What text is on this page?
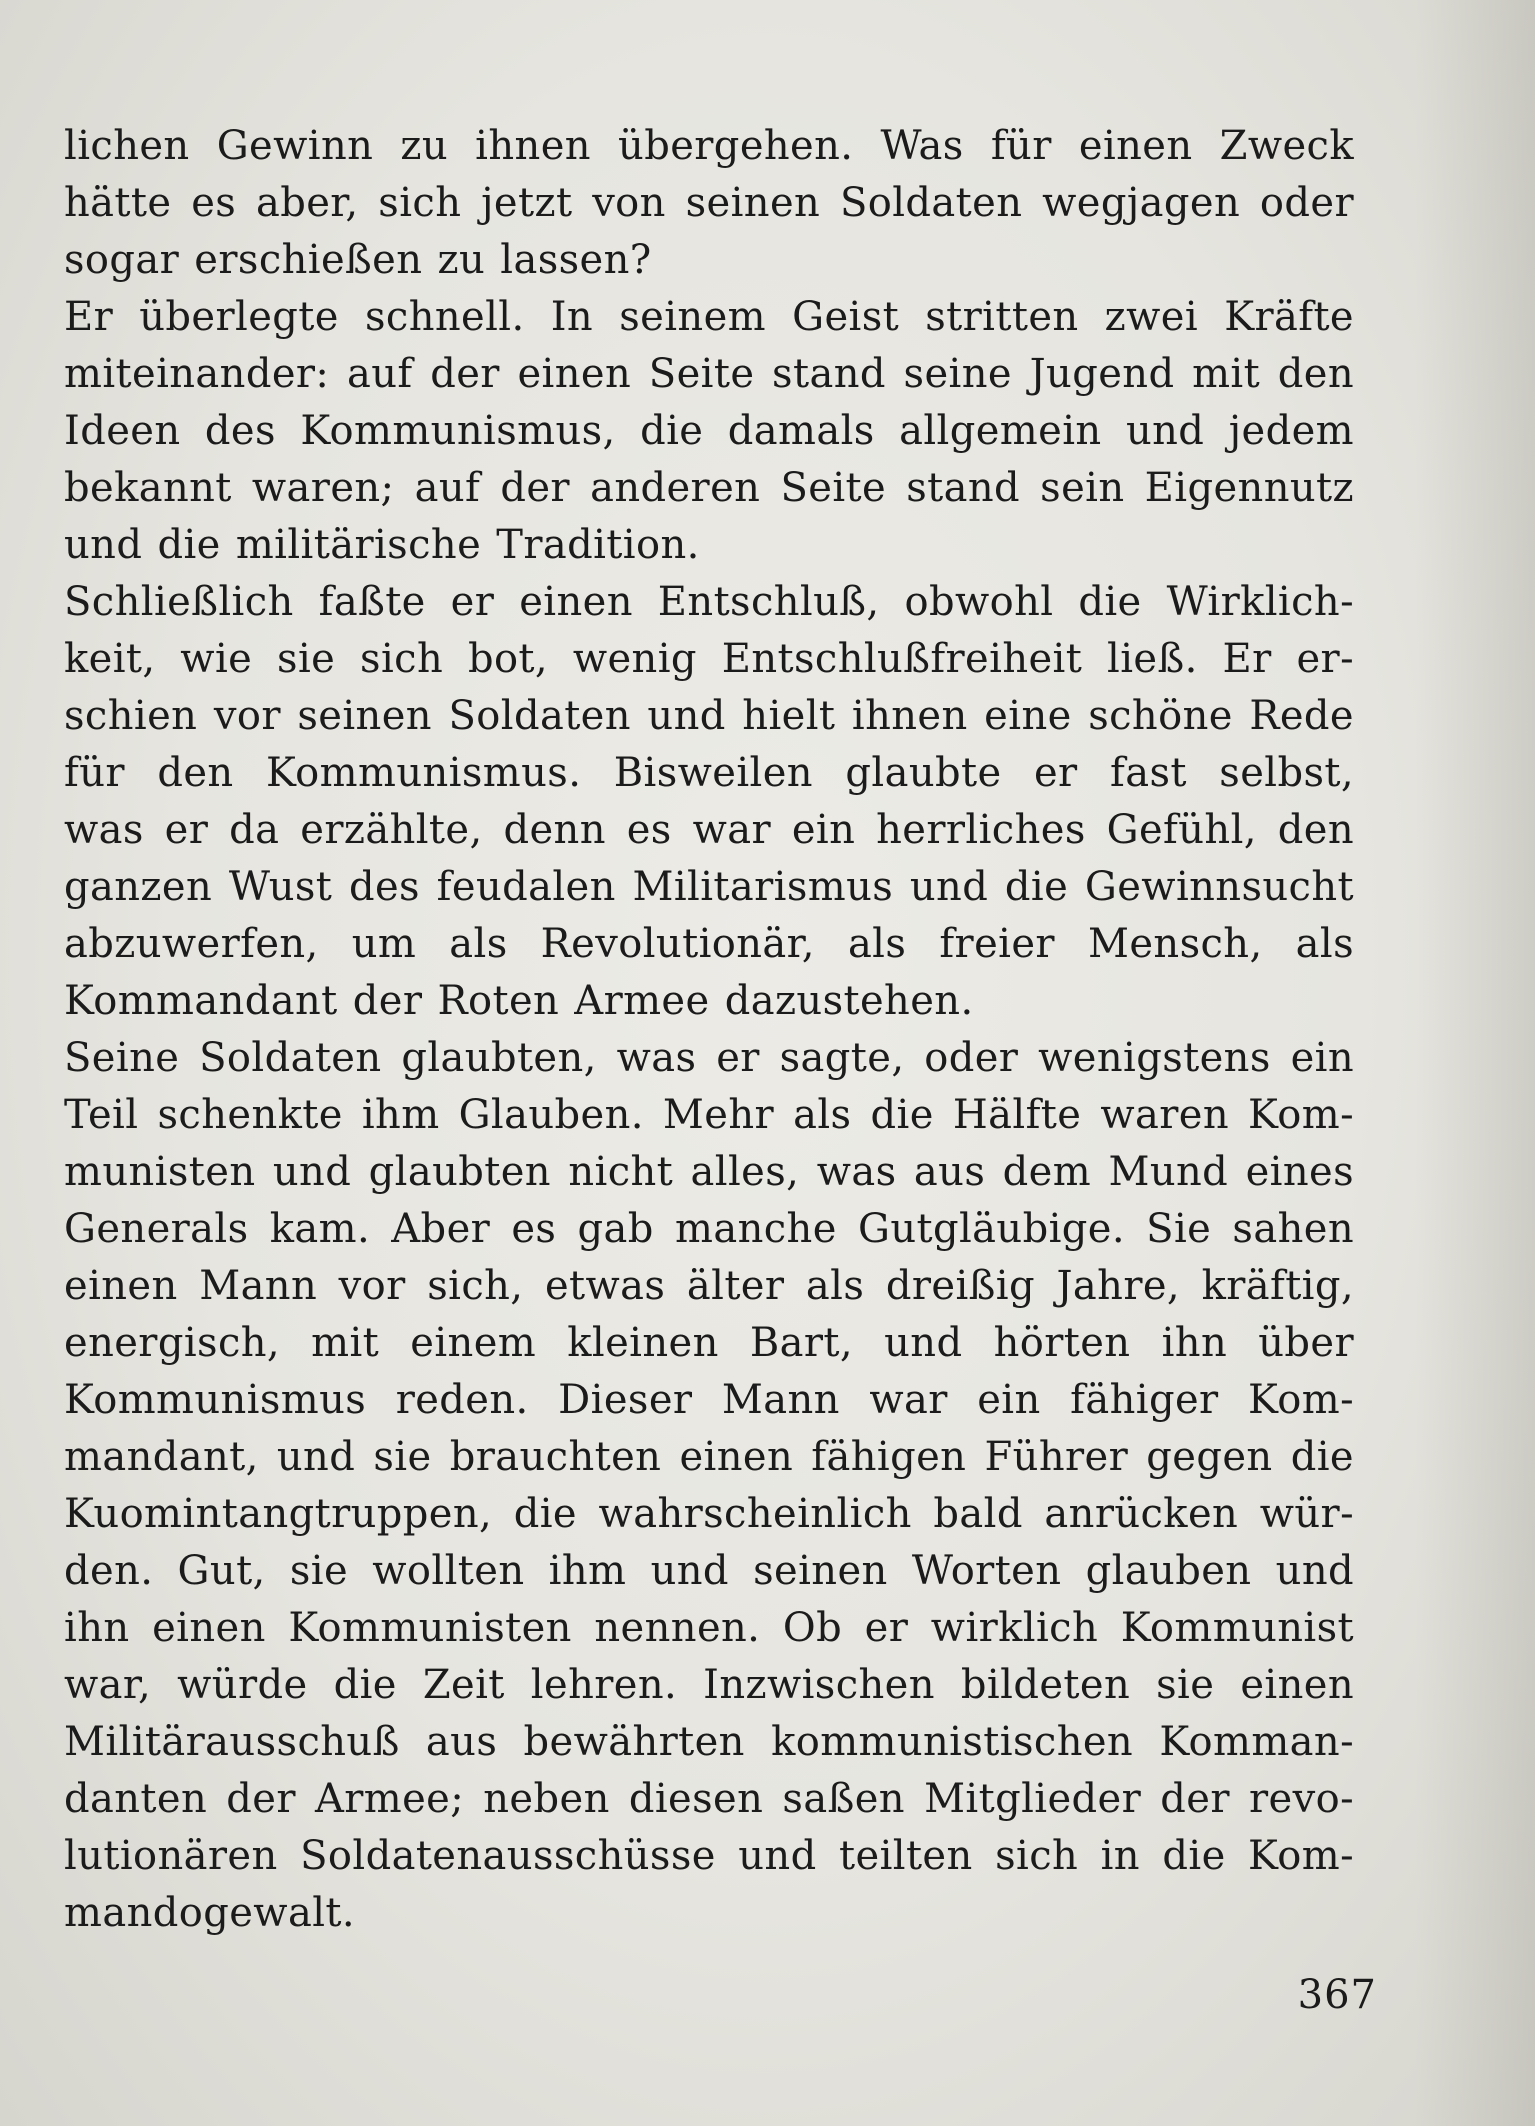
lichen Gewinn zu ihnen übergehen. Was für einen Zweck
hätte es aber, sich jetzt von seinen Soldaten wegjagen oder
sogar erschießen zu lassen?
Er überlegte schnell. In seinem Geist stritten zwei Kräfte
miteinander: auf der einen Seite stand seine Jugend mit den
Ideen des Kommunismus, die damals allgemein und jedem
bekannt waren; auf der anderen Seite stand sein Eigennutz
und die militärische Tradition.
Schließlich faßte er einen Entschluß, obwohl die Wirklich-
keit, wie sie sich bot, wenig Entschlußfreiheit ließ. Er er-
schien vor seinen Soldaten und hielt ihnen eine schöne Rede
für den Kommunismus. Bisweilen glaubte er fast selbst,
was er da erzählte, denn es war ein herrliches Gefühl, den
ganzen Wust des feudalen Militarismus und die Gewinnsucht
abzuwerfen, um als Revolutionär, als freier Mensch, als
Kommandant der Roten Armee dazustehen.
Seine Soldaten glaubten, was er sagte, oder wenigstens ein
Teil schenkte ihm Glauben. Mehr als die Hälfte waren Kom-
munisten und glaubten nicht alles, was aus dem Mund eines
Generals kam. Aber es gab manche Gutgläubige. Sie sahen
einen Mann vor sich, etwas älter als dreißig Jahre, kräftig,
energisch, mit einem kleinen Bart, und hörten ihn über
Kommunismus reden. Dieser Mann war ein fähiger Kom-
mandant, und sie brauchten einen fähigen Führer gegen die
Kuomintangtruppen, die wahrscheinlich bald anrücken wür-
den. Gut, sie wollten ihm und seinen Worten glauben und
ihn einen Kommunisten nennen. Ob er wirklich Kommunist
war, würde die Zeit lehren. Inzwischen bildeten sie einen
Militärausschuß aus bewährten kommunistischen Komman-
danten der Armee; neben diesen saßen Mitglieder der revo-
lutionären Soldatenausschüsse und teilten sich in die Kom-
mandogewalt.
367
